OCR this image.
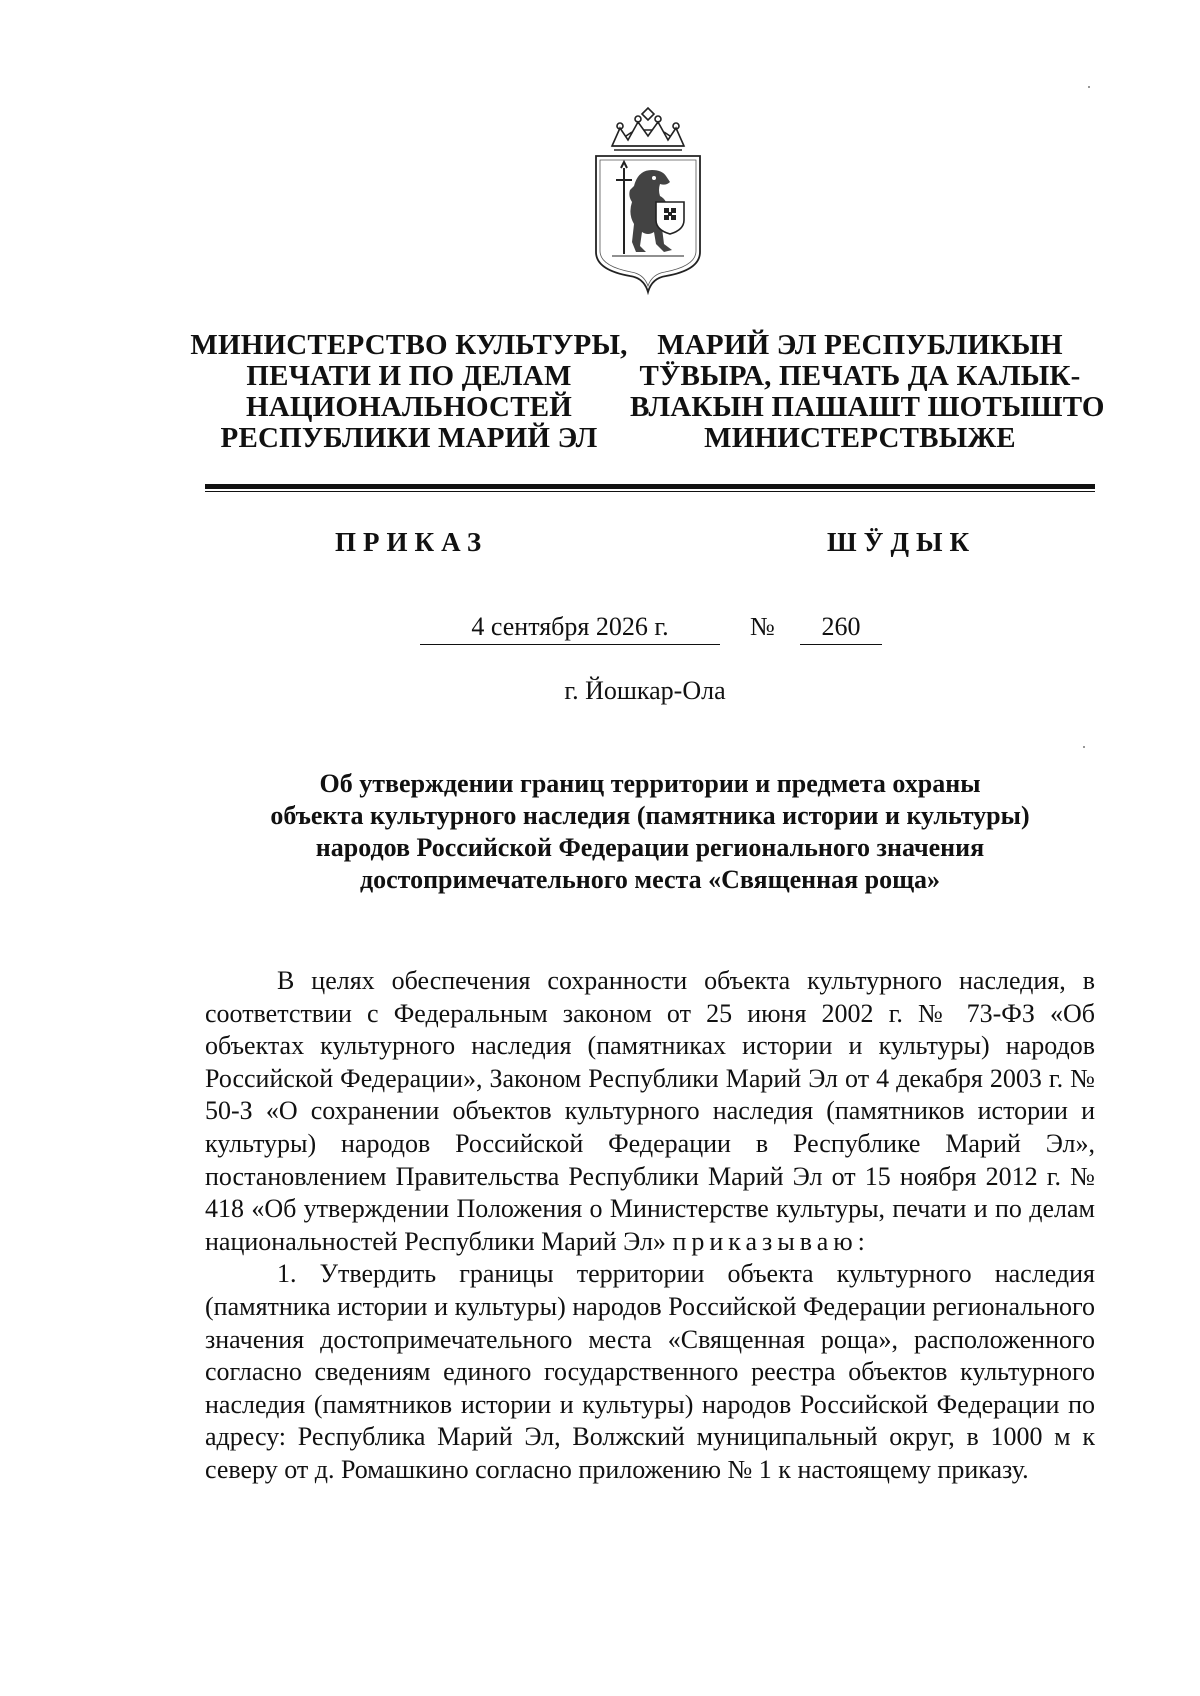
МИНИСТЕРСТВО КУЛЬТУРЫ,
ПЕЧАТИ И ПО ДЕЛАМ
НАЦИОНАЛЬНОСТЕЙ
РЕСПУБЛИКИ МАРИЙ ЭЛ
МАРИЙ ЭЛ РЕСПУБЛИКЫН
ТӰВЫРА, ПЕЧАТЬ ДА КАЛЫК-
ВЛАКЫН ПАШАШТ ШОТЫШТО
МИНИСТЕРСТВЫЖЕ
ПРИКАЗ	ШӰДЫК
4 сентября 2026 г.	№	260
г. Йошкар-Ола
Об утверждении границ территории и предмета охраны
объекта культурного наследия (памятника истории и культуры)
народов Российской Федерации регионального значения
достопримечательного места «Священная роща»

В целях обеспечения сохранности объекта культурного наследия, в соответствии с Федеральным законом от 25 июня 2002 г. № 73-ФЗ «Об объектах культурного наследия (памятниках истории и культуры) народов Российской Федерации», Законом Республики Марий Эл от 4 декабря 2003 г. № 50-З «О сохранении объектов культурного наследия (памятников истории и культуры) народов Российской Федерации в Республике Марий Эл», постановлением Правительства Республики Марий Эл от 15 ноября 2012 г. № 418 «Об утверждении Положения о Министерстве культуры, печати и по делам национальностей Республики Марий Эл» приказываю:

1. Утвердить границы территории объекта культурного наследия (памятника истории и культуры) народов Российской Федерации регионального значения достопримечательного места «Священная роща», расположенного согласно сведениям единого государственного реестра объектов культурного наследия (памятников истории и культуры) народов Российской Федерации по адресу: Республика Марий Эл, Волжский муниципальный округ, в 1000 м к северу от д. Ромашкино согласно приложению № 1 к настоящему приказу.
